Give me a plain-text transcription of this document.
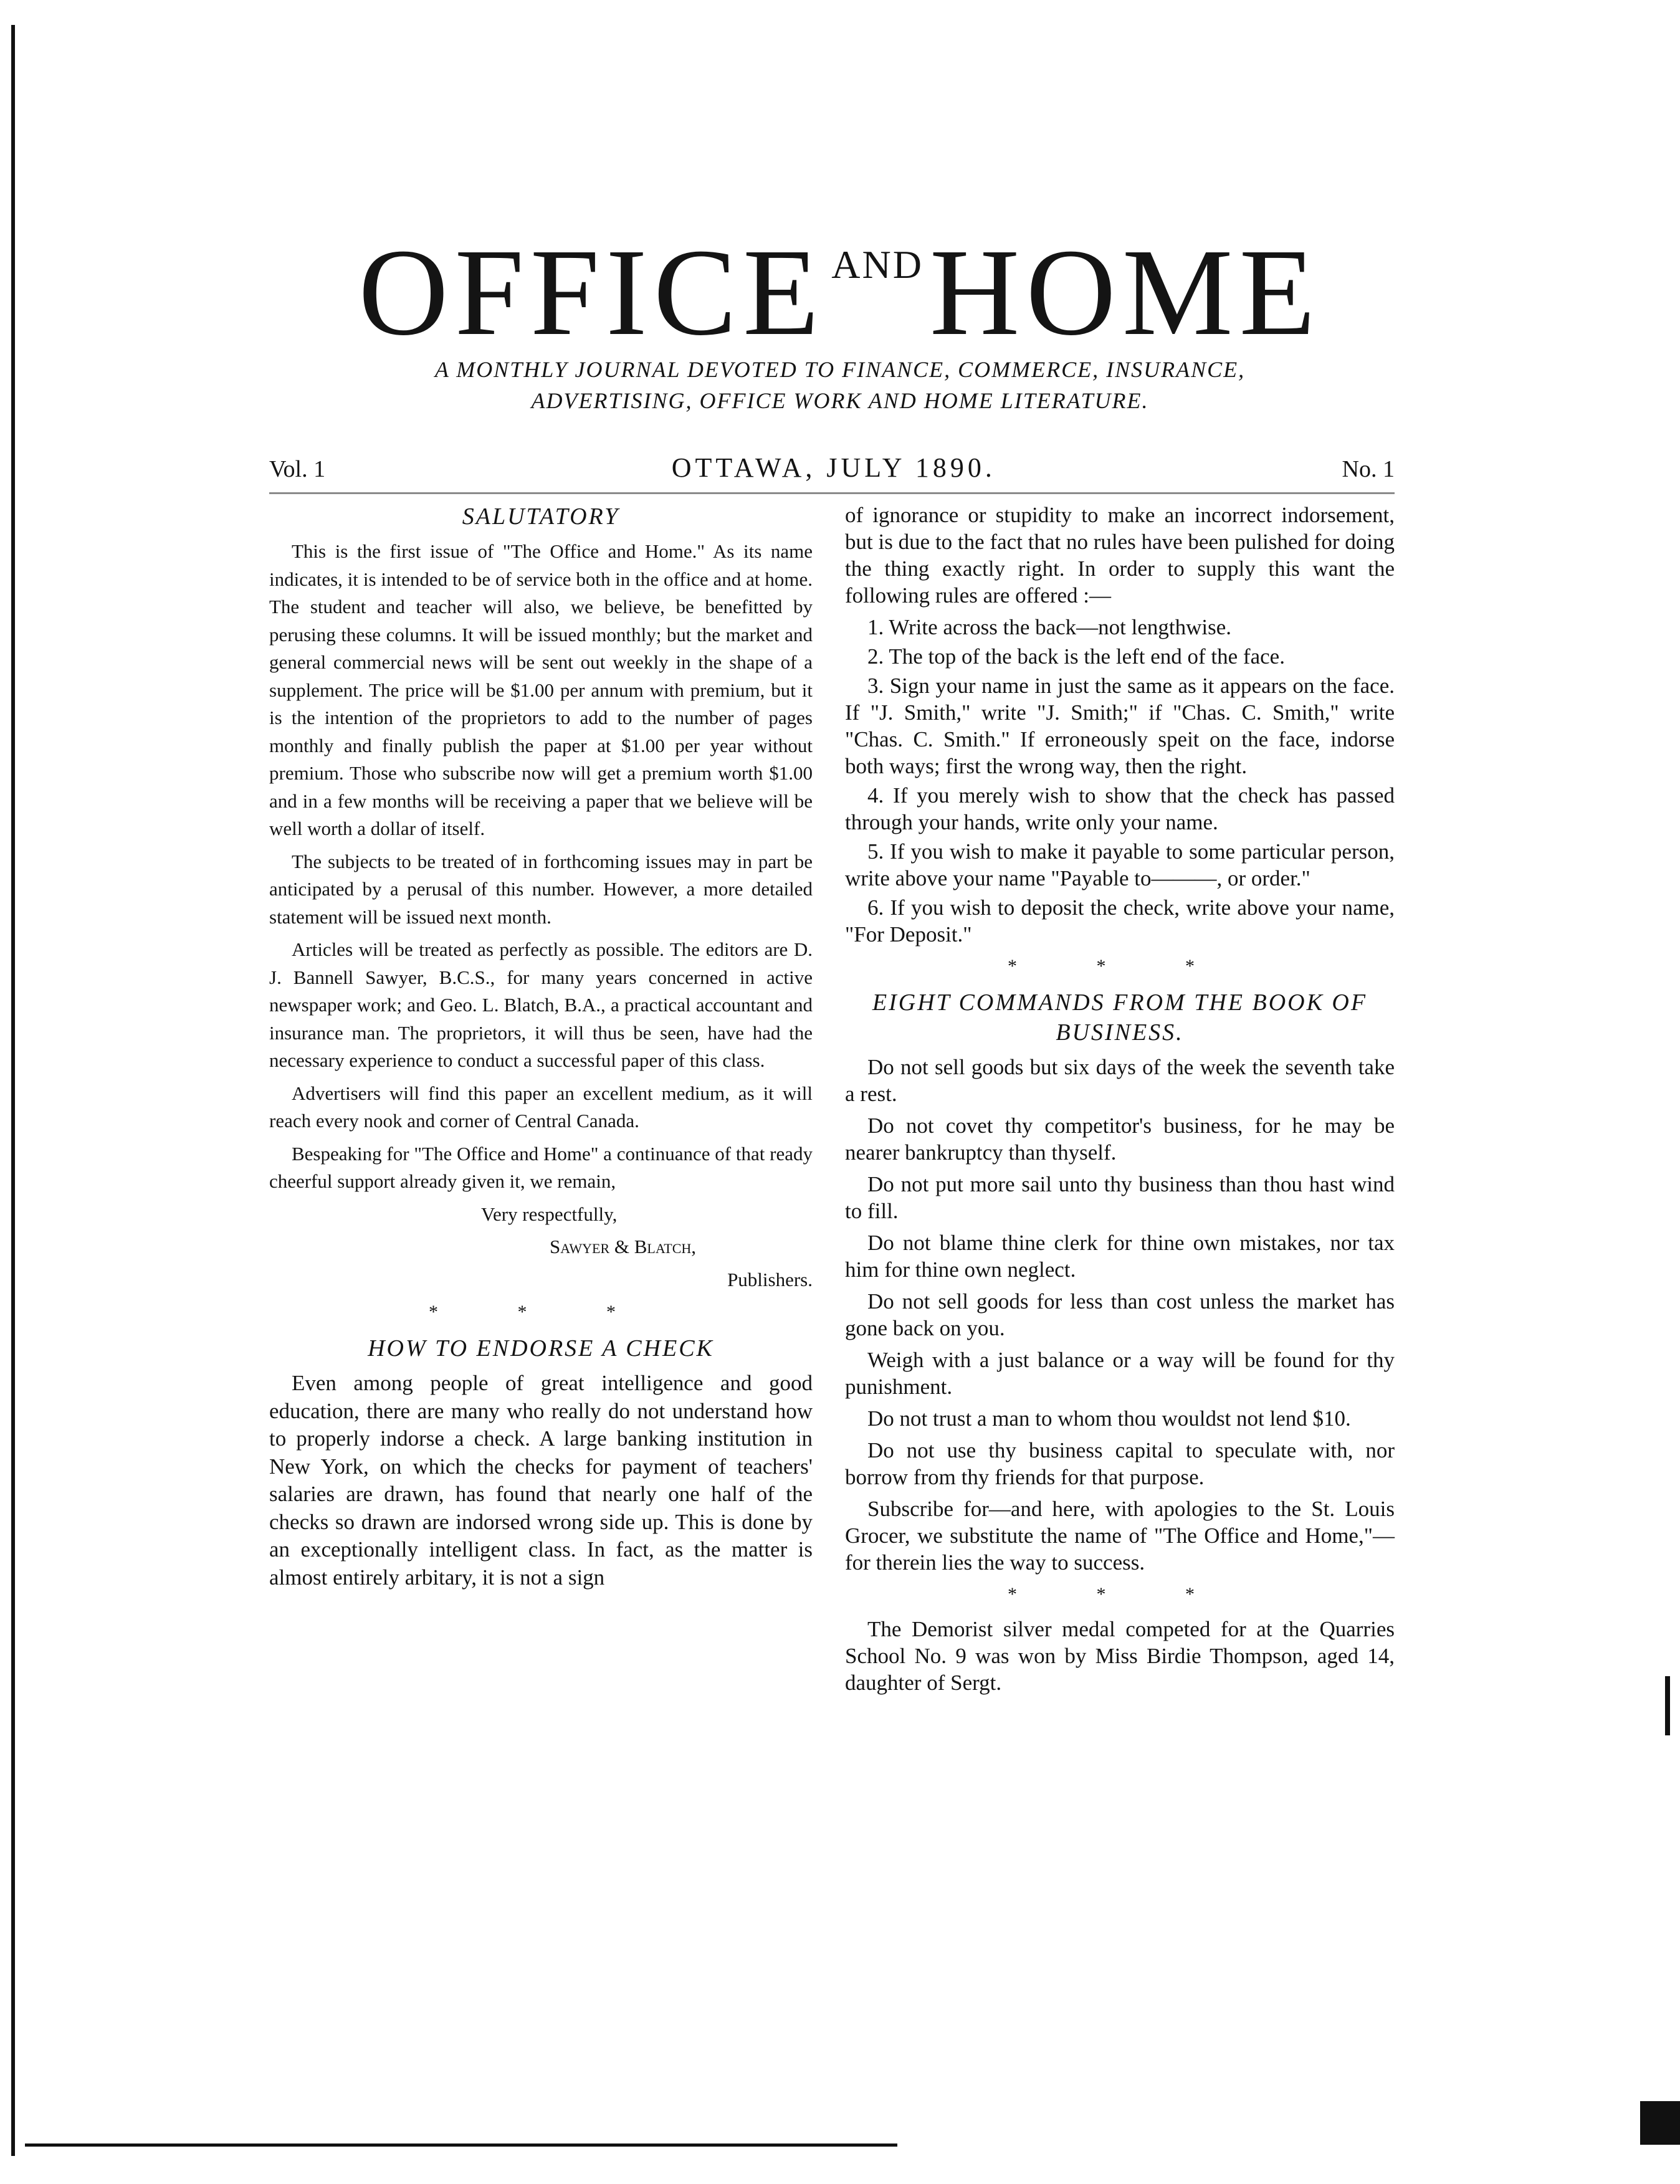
OFFICE $^{AND}$HOME
A MONTHLY JOURNAL DEVOTED TO FINANCE, COMMERCE, INSURANCE,
ADVERTISING, OFFICE WORK AND HOME LITERATURE.
Vol. 1	OTTAWA, JULY 1890.	No. 1
SALUTATORY

This is the first issue of "The Office and Home." As its name indicates, it is intended to be of service both in the office and at home. The student and teacher will also, we believe, be benefitted by perusing these columns. It will be issued monthly; but the market and general commercial news will be sent out weekly in the shape of a supplement. The price will be $1.00 per annum with premium, but it is the intention of the proprietors to add to the number of pages monthly and finally publish the paper at $1.00 per year without premium. Those who subscribe now will get a premium worth $1.00 and in a few months will be receiving a paper that we believe will be well worth a dollar of itself.

The subjects to be treated of in forthcoming issues may in part be anticipated by a perusal of this number. However, a more detailed statement will be issued next month.

Articles will be treated as perfectly as possible. The editors are D. J. Bannell Sawyer, B.C.S., for many years concerned in active newspaper work; and Geo. L. Blatch, B.A., a practical accountant and insurance man. The proprietors, it will thus be seen, have had the necessary experience to conduct a successful paper of this class.

Advertisers will find this paper an excellent medium, as it will reach every nook and corner of Central Canada.

Bespeaking for "The Office and Home" a continuance of that ready cheerful support already given it, we remain,

Very respectfully,

Sawyer & Blatch,

Publishers.

* * *
HOW TO ENDORSE A CHECK

Even among people of great intelligence and good education, there are many who really do not understand how to properly indorse a check. A large banking institution in New York, on which the checks for payment of teachers' salaries are drawn, has found that nearly one half of the checks so drawn are indorsed wrong side up. This is done by an exceptionally intelligent class. In fact, as the matter is almost entirely arbitary, it is not a sign

of ignorance or stupidity to make an incorrect indorsement, but is due to the fact that no rules have been pulished for doing the thing exactly right. In order to supply this want the following rules are offered :—

1. Write across the back—not lengthwise.

2. The top of the back is the left end of the face.

3. Sign your name in just the same as it appears on the face. If "J. Smith," write "J. Smith;" if "Chas. C. Smith," write "Chas. C. Smith." If erroneously speit on the face, indorse both ways; first the wrong way, then the right.

4. If you merely wish to show that the check has passed through your hands, write only your name.

5. If you wish to make it payable to some particular person, write above your name "Payable to———, or order."

6. If you wish to deposit the check, write above your name, "For Deposit."

* * *
EIGHT COMMANDS FROM THE BOOK OF BUSINESS.

Do not sell goods but six days of the week the seventh take a rest.

Do not covet thy competitor's business, for he may be nearer bankruptcy than thyself.

Do not put more sail unto thy business than thou hast wind to fill.

Do not blame thine clerk for thine own mistakes, nor tax him for thine own neglect.

Do not sell goods for less than cost unless the market has gone back on you.

Weigh with a just balance or a way will be found for thy punishment.

Do not trust a man to whom thou wouldst not lend $10.

Do not use thy business capital to speculate with, nor borrow from thy friends for that purpose.

Subscribe for—and here, with apologies to the St. Louis Grocer, we substitute the name of "The Office and Home,"—for therein lies the way to success.

* * *

The Demorist silver medal competed for at the Quarries School No. 9 was won by Miss Birdie Thompson, aged 14, daughter of Sergt.
